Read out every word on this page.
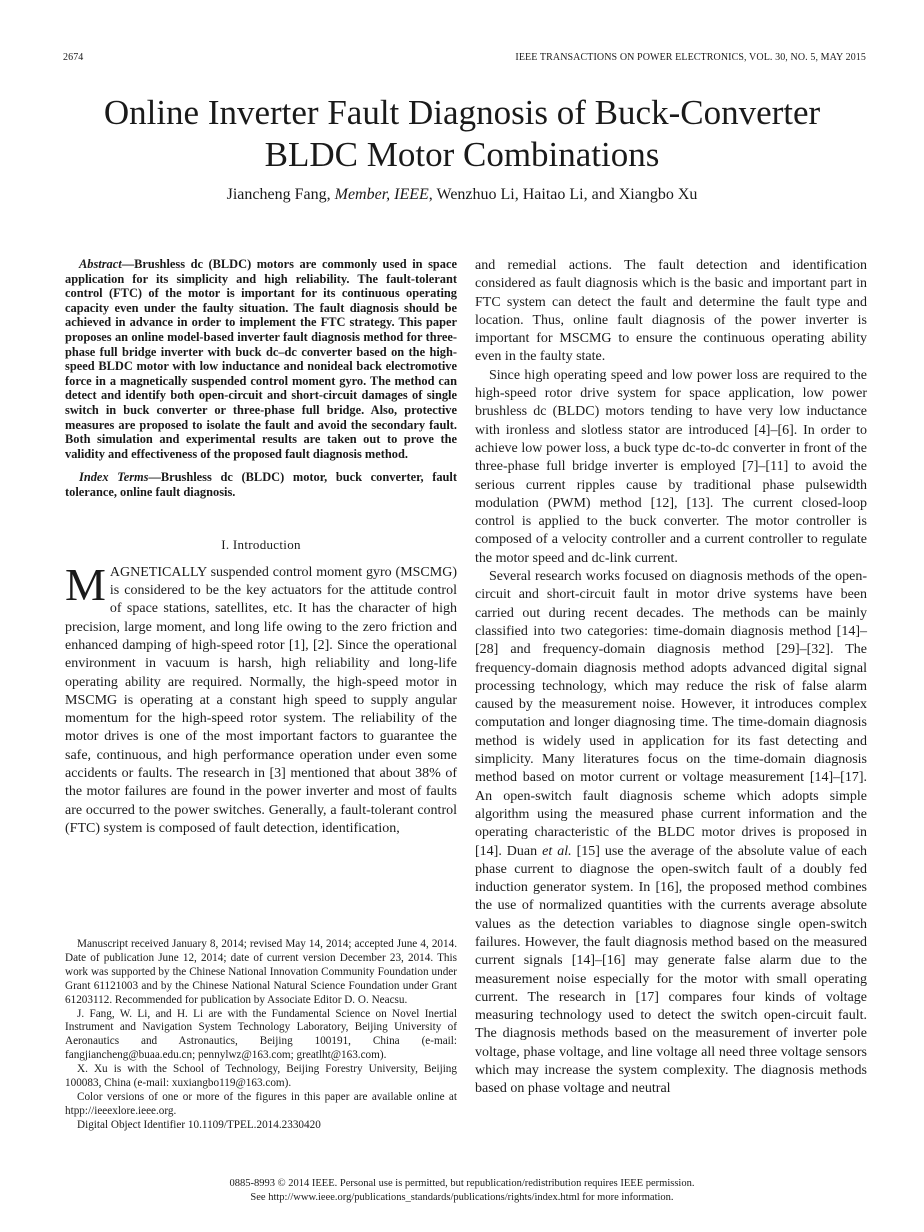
2674	IEEE TRANSACTIONS ON POWER ELECTRONICS, VOL. 30, NO. 5, MAY 2015
Online Inverter Fault Diagnosis of Buck-Converter
BLDC Motor Combinations
Jiancheng Fang, Member, IEEE, Wenzhuo Li, Haitao Li, and Xiangbo Xu

Abstract—Brushless dc (BLDC) motors are commonly used in space application for its simplicity and high reliability. The fault-tolerant control (FTC) of the motor is important for its continuous operating capacity even under the faulty situation. The fault diagnosis should be achieved in advance in order to implement the FTC strategy. This paper proposes an online model-based inverter fault diagnosis method for three-phase full bridge inverter with buck dc–dc converter based on the high-speed BLDC motor with low inductance and nonideal back electromotive force in a magnetically suspended control moment gyro. The method can detect and identify both open-circuit and short-circuit damages of single switch in buck converter or three-phase full bridge. Also, protective measures are proposed to isolate the fault and avoid the secondary fault. Both simulation and experimental results are taken out to prove the validity and effectiveness of the proposed fault diagnosis method.

Index Terms—Brushless dc (BLDC) motor, buck converter, fault tolerance, online fault diagnosis.

I. Introduction

MAGNETICALLY suspended control moment gyro (MSCMG) is considered to be the key actuators for the attitude control of space stations, satellites, etc. It has the character of high precision, large moment, and long life owing to the zero friction and enhanced damping of high-speed rotor [1], [2]. Since the operational environment in vacuum is harsh, high reliability and long-life operating ability are required. Normally, the high-speed motor in MSCMG is operating at a constant high speed to supply angular momentum for the high-speed rotor system. The reliability of the motor drives is one of the most important factors to guarantee the safe, continuous, and high performance operation under even some accidents or faults. The research in [3] mentioned that about 38% of the motor failures are found in the power inverter and most of faults are occurred to the power switches. Generally, a fault-tolerant control (FTC) system is composed of fault detection, identification,

Manuscript received January 8, 2014; revised May 14, 2014; accepted June 4, 2014. Date of publication June 12, 2014; date of current version December 23, 2014. This work was supported by the Chinese National Innovation Community Foundation under Grant 61121003 and by the Chinese National Natural Science Foundation under Grant 61203112. Recommended for publication by Associate Editor D. O. Neacsu.

J. Fang, W. Li, and H. Li are with the Fundamental Science on Novel Inertial Instrument and Navigation System Technology Laboratory, Beijing University of Aeronautics and Astronautics, Beijing 100191, China (e-mail: fangjiancheng@buaa.edu.cn; pennylwz@163.com; greatlht@163.com).

X. Xu is with the School of Technology, Beijing Forestry University, Beijing 100083, China (e-mail: xuxiangbo119@163.com).

Color versions of one or more of the figures in this paper are available online at htpp://ieeexlore.ieee.org.

Digital Object Identifier 10.1109/TPEL.2014.2330420

and remedial actions. The fault detection and identification considered as fault diagnosis which is the basic and important part in FTC system can detect the fault and determine the fault type and location. Thus, online fault diagnosis of the power inverter is important for MSCMG to ensure the continuous operating ability even in the faulty state.

Since high operating speed and low power loss are required to the high-speed rotor drive system for space application, low power brushless dc (BLDC) motors tending to have very low inductance with ironless and slotless stator are introduced [4]–[6]. In order to achieve low power loss, a buck type dc-to-dc converter in front of the three-phase full bridge inverter is employed [7]–[11] to avoid the serious current ripples cause by traditional phase pulsewidth modulation (PWM) method [12], [13]. The current closed-loop control is applied to the buck converter. The motor controller is composed of a velocity controller and a current controller to regulate the motor speed and dc-link current.

Several research works focused on diagnosis methods of the open-circuit and short-circuit fault in motor drive systems have been carried out during recent decades. The methods can be mainly classified into two categories: time-domain diagnosis method [14]–[28] and frequency-domain diagnosis method [29]–[32]. The frequency-domain diagnosis method adopts advanced digital signal processing technology, which may reduce the risk of false alarm caused by the measurement noise. However, it introduces complex computation and longer diagnosing time. The time-domain diagnosis method is widely used in application for its fast detecting and simplicity. Many literatures focus on the time-domain diagnosis method based on motor current or voltage measurement [14]–[17]. An open-switch fault diagnosis scheme which adopts simple algorithm using the measured phase current information and the operating characteristic of the BLDC motor drives is proposed in [14]. Duan et al. [15] use the average of the absolute value of each phase current to diagnose the open-switch fault of a doubly fed induction generator system. In [16], the proposed method combines the use of normalized quantities with the currents average absolute values as the detection variables to diagnose single open-switch failures. However, the fault diagnosis method based on the measured current signals [14]–[16] may generate false alarm due to the measurement noise especially for the motor with small operating current. The research in [17] compares four kinds of voltage measuring technology used to detect the switch open-circuit fault. The diagnosis methods based on the measurement of inverter pole voltage, phase voltage, and line voltage all need three voltage sensors which may increase the system complexity. The diagnosis methods based on phase voltage and neutral

0885-8993 © 2014 IEEE. Personal use is permitted, but republication/redistribution requires IEEE permission.
See http://www.ieee.org/publications_standards/publications/rights/index.html for more information.
